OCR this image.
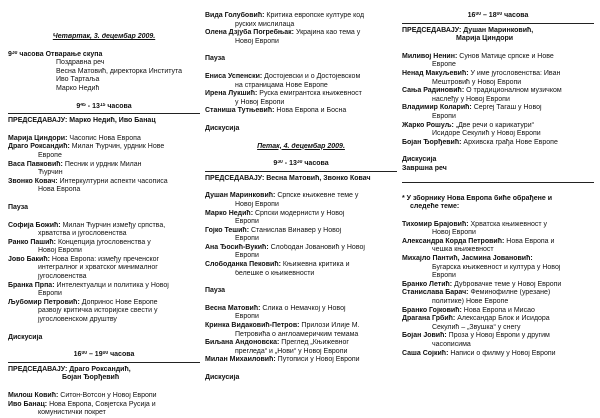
Четвртак, 3. децембар 2009.
$9^{30}$ часова Отварање скупа
Поздравна реч
Весна Матовић, директорка Института
Иво Тартаља
Марко Недић
$9^{45} - 13^{15}$ часова
ПРЕДСЕДАВАЈУ: Марко Недић, Иво Банац
Марија Циндори: Часопис Нова Европа
Драго Роксандић: Милан Ћурчин, урдник Нове
Европе
Васа Павковић: Песник и урдник Милан
Ћурчин
Звонко Ковач: Интеркултурни аспекти часописа
Нова Европа
Пауза
Софија Божић: Милан Ћурчин између српства,
хрватства и југословенства
Ранко Пашић: Концепција југословенства у
Новој Европи
Јово Бакић: Нова Европа: између преченског
интегралног и хрватског минималног
југословенства
Бранка Прпа: Интелектуалци и политика у Новој
Европи
Љубомир Петровић: Допринос Нове Европе
развоју критичка историјске свести у
југословенском друштву
Дискусија
$16^{00} - 19^{00}$ часова
ПРЕДСЕДАВАЈУ: Драго Роксандић,
Бојан Ђорђевић
Милош Ковић: Ситон-Вотсон у Новој Европи
Иво Банац: Нова Европа, Совјетска Русија и
комунистички покрет
Вида Голубовић: Критика европске културе код
руских мислилаца
Олена Дзјуба Погребњак: Украјина као тема у
Новој Европи
Пауза
Ениса Успенски: Достојевски и о Достојевском
на страницама Нове Европе
Ирена Лукшић: Руска емигрантска књижевност
у Новој Европи
Станиша Тутњевић: Нова Европа и Босна
Дискусија
Петак, 4. децембар 2009.
$9^{30} - 13^{30}$ часова
ПРЕДСЕДАВАЈУ: Весна Матовић, Звонко Ковач
Душан Маринковић: Српске књижевне теме у
Новој Европи
Марко Недић: Српски модернисти у Новој
Европи
Гојко Тешић: Станислав Винавер у Новој
Европи
Ана Ђосић-Вукић: Слободан Јовановић у Новој
Европи
Слободанка Пековић: Књижевна критика и
белешке о књижевности
Пауза
Весна Матовић: Слика о Немачкој у Новој
Европи
Кринка Видаковић-Петров: Прилози Илије М.
Петровића о англоамеричким темама
Биљана Андоновска: Преглед „Књижевног
прегледа“ и „Нови“ у Новој Европи
Милан Михаиловић: Путописи у Новој Европи
Дискусија
$16^{00} - 18^{00}$ часова
ПРЕДСЕДАВАЈУ: Душан Маринковић,
Марија Циндори
Миливој Ненин: Сунов Матице српске и Нове
Европе
Ненад Макуљевић: У име југословенства: Иван
Мештровић у Новој Европи
Сања Радиновић: О традиционалном музичком
наслеђу у Новој Европи
Владимир Коларић: Сергеј Тагаш у Новој
Европи
Жарко Рошуљ: „Две речи о карикатури“
Исидоре Секулић у Новој Европи
Бојан Ђорђевић: Архивска грађа Нове Европе
Дискусија
Завршна реч
* У зборнику Нова Европа биће обрађене и
следеће теме:
Тихомир Брајовић: Хрватска књижевност у
Новој Европи
Александра Корда Петровић: Нова Европа и
чешка књижевност
Михајло Пантић, Јасмина Јовановић:
Бугарска књижевност и култура у Новој
Европи
Бранко Летић: Дубровачке теме у Новој Европи
Станислава Барач: Феминофилне (урезане)
политике) Нове Европе
Бранко Гојковић: Нова Европа и Мисао
Драгана Грбић: Александар Блок и Исидора
Секулић – „Звушка“ у снегу
Бојан Јовић: Проза у Новој Европи у другим
часописима
Саша Сојкић: Написи о филму у Новој Европи
